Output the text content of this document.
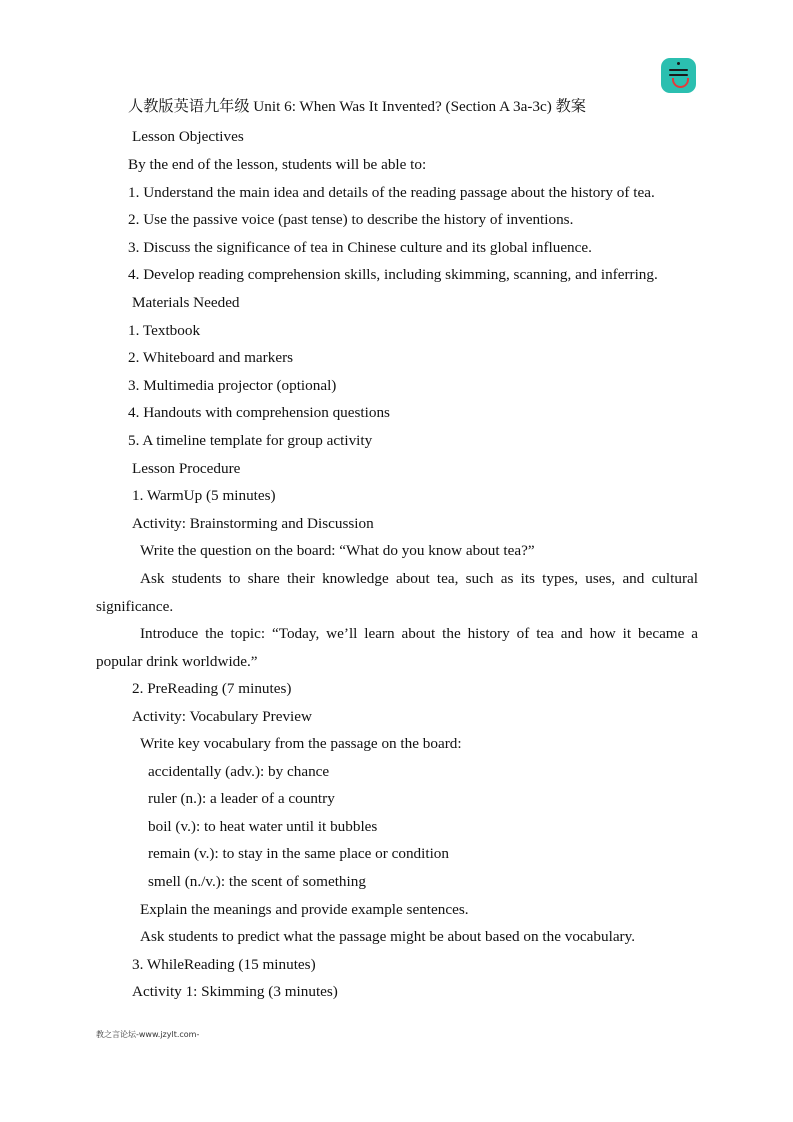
人教版英语九年级 Unit 6: When Was It Invented? (Section A 3a-3c) 教案
Lesson Objectives
By the end of the lesson, students will be able to:
1. Understand the main idea and details of the reading passage about the history of tea.
2. Use the passive voice (past tense) to describe the history of inventions.
3. Discuss the significance of tea in Chinese culture and its global influence.
4. Develop reading comprehension skills, including skimming, scanning, and inferring.
Materials Needed
1. Textbook
2. Whiteboard and markers
3. Multimedia projector (optional)
4. Handouts with comprehension questions
5. A timeline template for group activity
Lesson Procedure
1. WarmUp (5 minutes)
Activity: Brainstorming and Discussion
Write the question on the board: “What do you know about tea?”
Ask students to share their knowledge about tea, such as its types, uses, and cultural significance.
Introduce the topic: “Today, we’ll learn about the history of tea and how it became a popular drink worldwide.”
2. PreReading (7 minutes)
Activity: Vocabulary Preview
Write key vocabulary from the passage on the board:
accidentally (adv.): by chance
ruler (n.): a leader of a country
boil (v.): to heat water until it bubbles
remain (v.): to stay in the same place or condition
smell (n./v.): the scent of something
Explain the meanings and provide example sentences.
Ask students to predict what the passage might be about based on the vocabulary.
3. WhileReading (15 minutes)
Activity 1: Skimming (3 minutes)
教之言论坛-www.jzylt.com-
